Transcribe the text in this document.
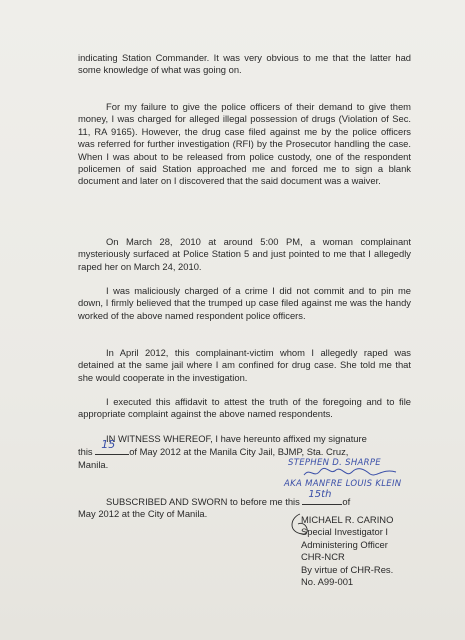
indicating Station Commander. It was very obvious to me that the latter had some knowledge of what was going on.

For my failure to give the police officers of their demand to give them money, I was charged for alleged illegal possession of drugs (Violation of Sec. 11, RA 9165). However, the drug case filed against me by the police officers was referred for further investigation (RFI) by the Prosecutor handling the case. When I was about to be released from police custody, one of the respondent policemen of said Station approached me and forced me to sign a blank document and later on I discovered that the said document was a waiver.

On March 28, 2010 at around 5:00 PM, a woman complainant mysteriously surfaced at Police Station 5 and just pointed to me that I allegedly raped her on March 24, 2010.

I was maliciously charged of a crime I did not commit and to pin me down, I firmly believed that the trumped up case filed against me was the handy worked of the above named respondent police officers.

In April 2012, this complainant-victim whom I allegedly raped was detained at the same jail where I am confined for drug case. She told me that she would cooperate in the investigation.

I executed this affidavit to attest the truth of the foregoing and to file appropriate complaint against the above named respondents.

IN WITNESS WHEREOF, I have hereunto affixed my signature
this
15
of May 2012 at the Manila City Jail, BJMP, Sta. Cruz,
Manila.	STEPHEN D. SHARPE
AKA MANFRE LOUIS KLEIN
SUBSCRIBED AND SWORN to before me this
15th
of
May 2012 at the City of Manila.
MICHAEL R. CARINO
Special Investigator I
Administering Officer
CHR-NCR
By virtue of CHR-Res.
No. A99-001
